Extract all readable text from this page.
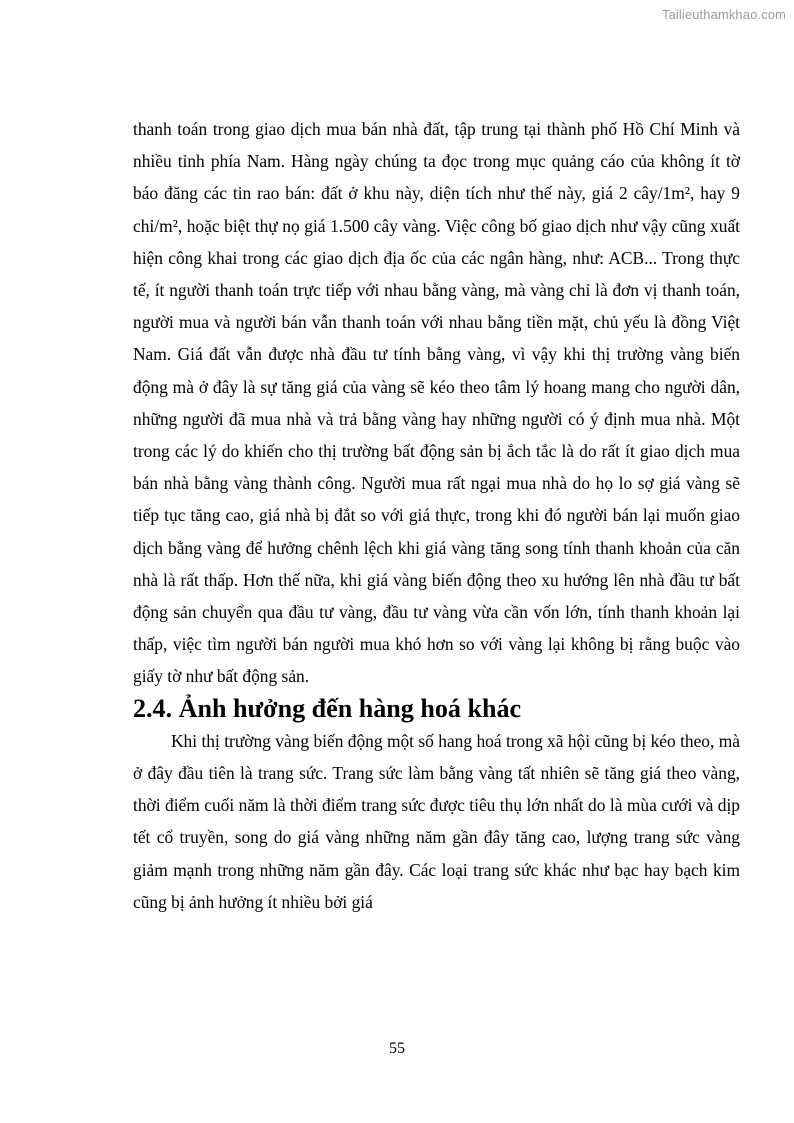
Tailieuthamkhao.com

thanh toán trong giao dịch mua bán nhà đất, tập trung tại thành phố Hồ Chí Minh và nhiều tỉnh phía Nam. Hàng ngày chúng ta đọc trong mục quảng cáo của không ít tờ báo đăng các tin rao bán: đất ở khu này, diện tích như thế này, giá 2 cây/1m², hay 9 chỉ/m², hoặc biệt thự nọ giá 1.500 cây vàng. Việc công bố giao dịch như vậy cũng xuất hiện công khai trong các giao dịch địa ốc của các ngân hàng, như: ACB... Trong thực tế, ít người thanh toán trực tiếp với nhau bằng vàng, mà vàng chỉ là đơn vị thanh toán, người mua và người bán vẫn thanh toán với nhau bằng tiền mặt, chủ yếu là đồng Việt Nam. Giá đất vẫn được nhà đầu tư tính bằng vàng, vì vậy khi thị trường vàng biến động mà ở đây là sự tăng giá của vàng sẽ kéo theo tâm lý hoang mang cho người dân, những người đã mua nhà và trả bằng vàng hay những người có ý định mua nhà. Một trong các lý do khiến cho thị trường bất động sản bị ắch tắc là do rất ít giao dịch mua bán nhà bằng vàng thành công. Người mua rất ngại mua nhà do họ lo sợ giá vàng sẽ tiếp tục tăng cao, giá nhà bị đắt so với giá thực, trong khi đó người bán lại muốn giao dịch bằng vàng để hưởng chênh lệch khi giá vàng tăng song tính thanh khoản của căn nhà là rất thấp. Hơn thế nữa, khi giá vàng biến động theo xu hướng lên nhà đầu tư bất động sản chuyển qua đầu tư vàng, đầu tư vàng vừa cần vốn lớn, tính thanh khoản lại thấp, việc tìm người bán người mua khó hơn so với vàng lại không bị rằng buộc vào giấy tờ như bất động sản.

2.4. Ảnh hưởng đến hàng hoá khác

Khi thị trường vàng biến động một số hang hoá trong xã hội cũng bị kéo theo, mà ở đây đầu tiên là trang sức. Trang sức làm bằng vàng tất nhiên sẽ tăng giá theo vàng, thời điểm cuối năm là thời điểm trang sức được tiêu thụ lớn nhất do là mùa cưới và dịp tết cổ truyền, song do giá vàng những năm gần đây tăng cao, lượng trang sức vàng giảm mạnh trong những năm gần đây. Các loại trang sức khác như bạc hay bạch kim cũng bị ảnh hưởng ít nhiều bởi giá

55
